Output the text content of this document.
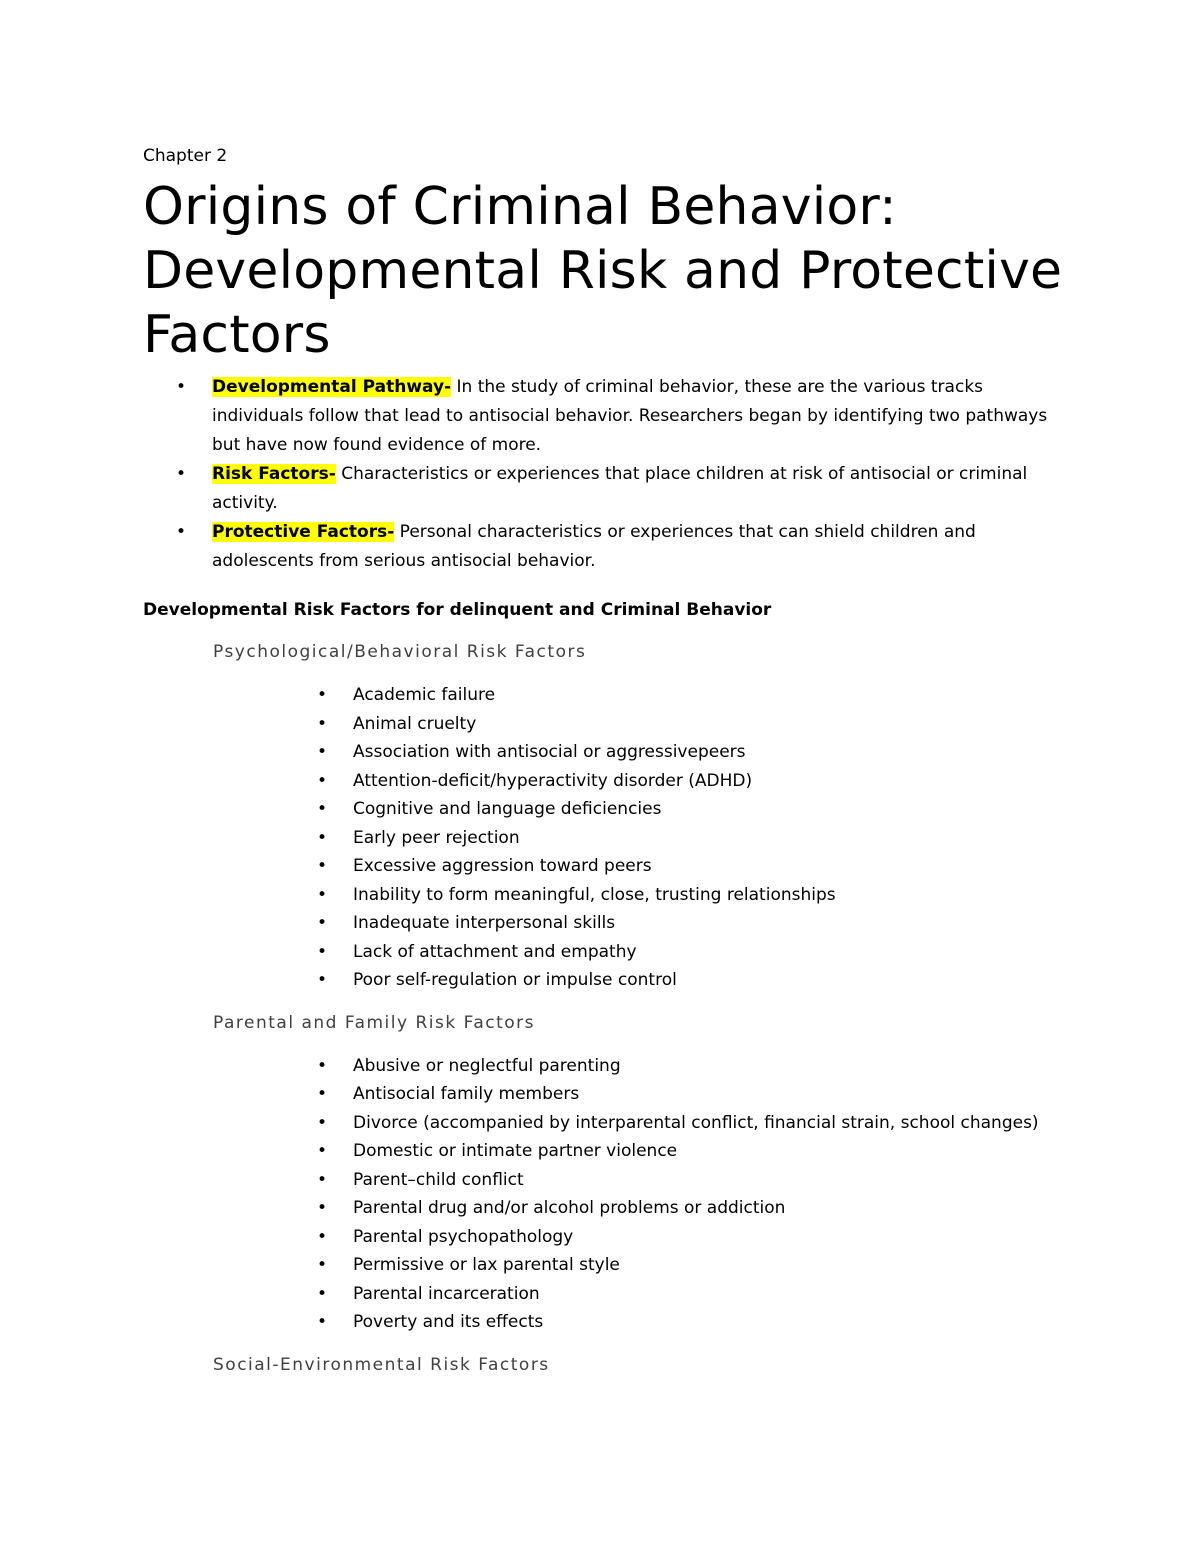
Chapter 2

Origins of Criminal Behavior: Developmental Risk and Protective Factors
• Developmental Pathway- In the study of criminal behavior, these are the various tracks individuals follow that lead to antisocial behavior. Researchers began by identifying two pathways but have now found evidence of more.
• Risk Factors- Characteristics or experiences that place children at risk of antisocial or criminal activity.
• Protective Factors- Personal characteristics or experiences that can shield children and adolescents from serious antisocial behavior.

Developmental Risk Factors for delinquent and Criminal Behavior

Psychological/Behavioral Risk Factors

• Academic failure
• Animal cruelty
• Association with antisocial or aggressivepeers
• Attention-deficit/hyperactivity disorder (ADHD)
• Cognitive and language deficiencies
• Early peer rejection
• Excessive aggression toward peers
• Inability to form meaningful, close, trusting relationships
• Inadequate interpersonal skills
• Lack of attachment and empathy
• Poor self-regulation or impulse control

Parental and Family Risk Factors

• Abusive or neglectful parenting
• Antisocial family members
• Divorce (accompanied by interparental conflict, financial strain, school changes)
• Domestic or intimate partner violence
• Parent–child conflict
• Parental drug and/or alcohol problems or addiction
• Parental psychopathology
• Permissive or lax parental style
• Parental incarceration
• Poverty and its effects

Social-Environmental Risk Factors
